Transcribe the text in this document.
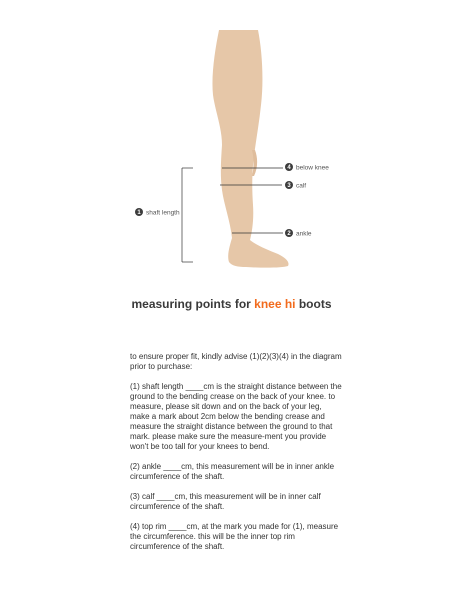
4 below knee
3 calf
2 ankle
1 shaft length
measuring points for knee hi boots

to ensure proper fit, kindly advise (1)(2)(3)(4) in the diagram prior to purchase:

(1) shaft length ____cm is the straight distance between the ground to the bending crease on the back of your knee. to measure, please sit down and on the back of your leg, make a mark about 2cm below the bending crease and measure the straight distance between the ground to that mark. please make sure the measure-ment you provide won't be too tall for your knees to bend.

(2) ankle ____cm, this measurement will be in inner ankle circumference of the shaft.

(3) calf ____cm, this measurement will be in inner calf circumference of the shaft.

(4) top rim ____cm, at the mark you made for (1), measure the circumference. this will be the inner top rim circumference of the shaft.
